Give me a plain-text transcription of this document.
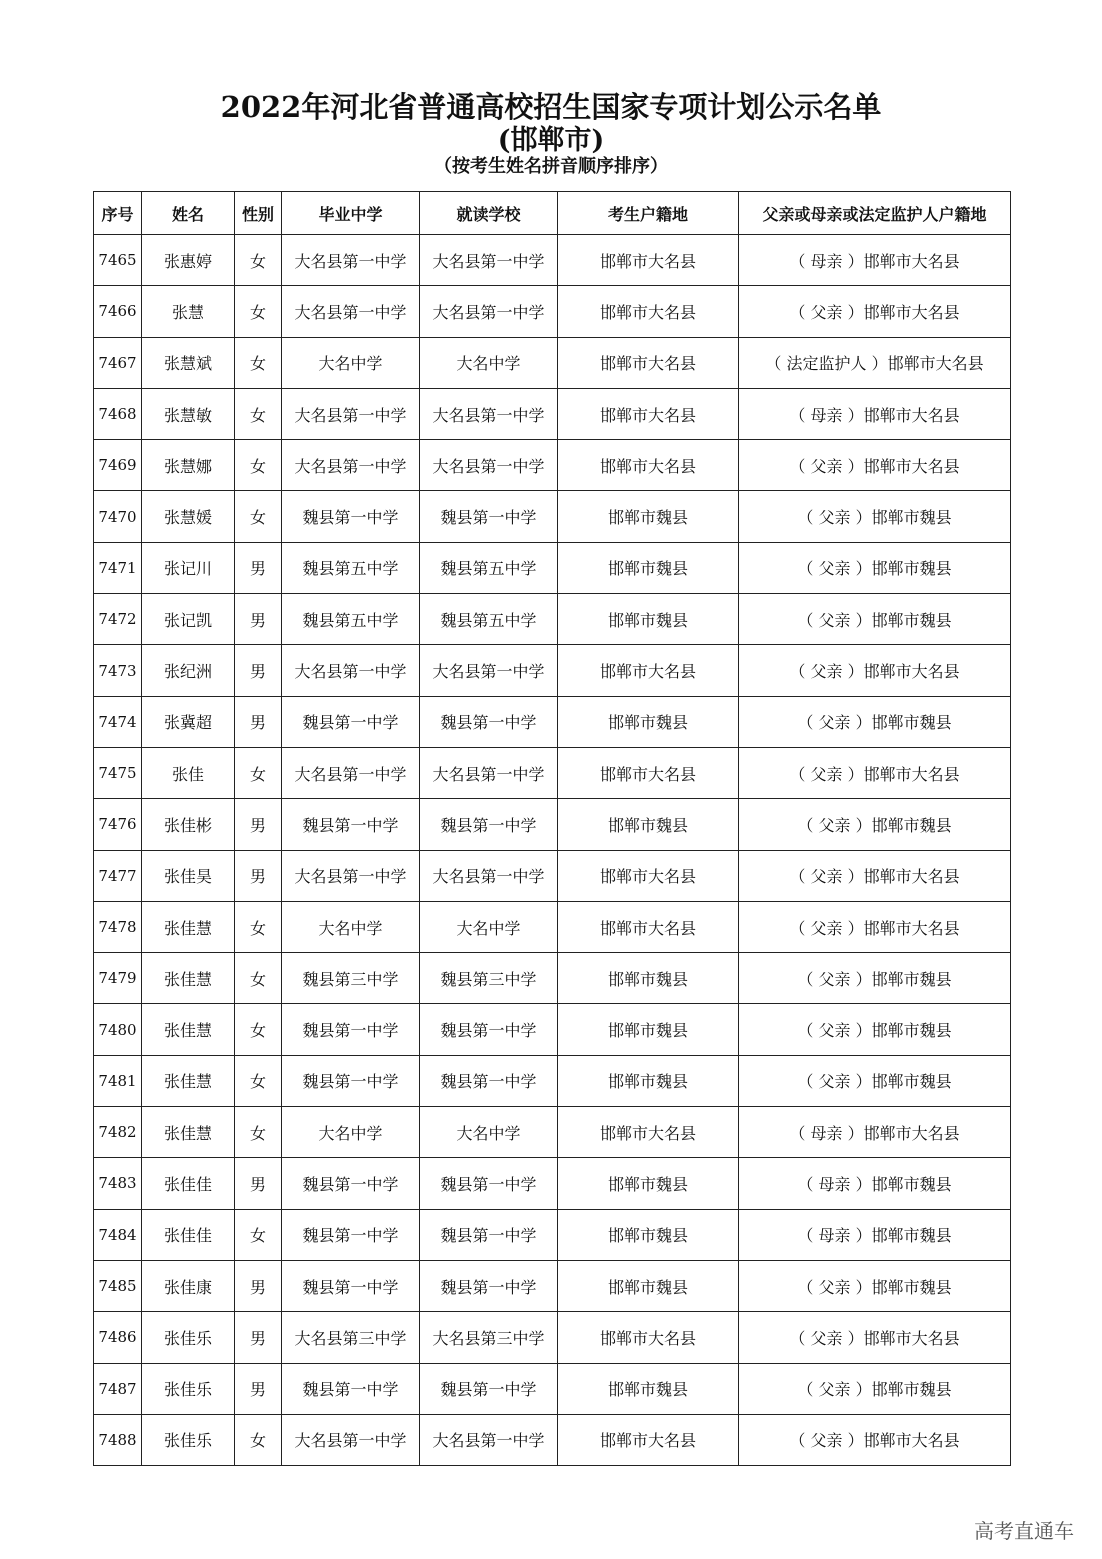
2022年河北省普通高校招生国家专项计划公示名单
(邯郸市)
（按考生姓名拼音顺序排序）
序号	姓名	性别	毕业中学	就读学校	考生户籍地	父亲或母亲或法定监护人户籍地
7465	张惠婷	女	大名县第一中学	大名县第一中学	邯郸市大名县	（ 母亲 ）邯郸市大名县
7466	张慧	女	大名县第一中学	大名县第一中学	邯郸市大名县	（ 父亲 ）邯郸市大名县
7467	张慧斌	女	大名中学	大名中学	邯郸市大名县	（ 法定监护人 ）邯郸市大名县
7468	张慧敏	女	大名县第一中学	大名县第一中学	邯郸市大名县	（ 母亲 ）邯郸市大名县
7469	张慧娜	女	大名县第一中学	大名县第一中学	邯郸市大名县	（ 父亲 ）邯郸市大名县
7470	张慧媛	女	魏县第一中学	魏县第一中学	邯郸市魏县	（ 父亲 ）邯郸市魏县
7471	张记川	男	魏县第五中学	魏县第五中学	邯郸市魏县	（ 父亲 ）邯郸市魏县
7472	张记凯	男	魏县第五中学	魏县第五中学	邯郸市魏县	（ 父亲 ）邯郸市魏县
7473	张纪洲	男	大名县第一中学	大名县第一中学	邯郸市大名县	（ 父亲 ）邯郸市大名县
7474	张冀超	男	魏县第一中学	魏县第一中学	邯郸市魏县	（ 父亲 ）邯郸市魏县
7475	张佳	女	大名县第一中学	大名县第一中学	邯郸市大名县	（ 父亲 ）邯郸市大名县
7476	张佳彬	男	魏县第一中学	魏县第一中学	邯郸市魏县	（ 父亲 ）邯郸市魏县
7477	张佳昊	男	大名县第一中学	大名县第一中学	邯郸市大名县	（ 父亲 ）邯郸市大名县
7478	张佳慧	女	大名中学	大名中学	邯郸市大名县	（ 父亲 ）邯郸市大名县
7479	张佳慧	女	魏县第三中学	魏县第三中学	邯郸市魏县	（ 父亲 ）邯郸市魏县
7480	张佳慧	女	魏县第一中学	魏县第一中学	邯郸市魏县	（ 父亲 ）邯郸市魏县
7481	张佳慧	女	魏县第一中学	魏县第一中学	邯郸市魏县	（ 父亲 ）邯郸市魏县
7482	张佳慧	女	大名中学	大名中学	邯郸市大名县	（ 母亲 ）邯郸市大名县
7483	张佳佳	男	魏县第一中学	魏县第一中学	邯郸市魏县	（ 母亲 ）邯郸市魏县
7484	张佳佳	女	魏县第一中学	魏县第一中学	邯郸市魏县	（ 母亲 ）邯郸市魏县
7485	张佳康	男	魏县第一中学	魏县第一中学	邯郸市魏县	（ 父亲 ）邯郸市魏县
7486	张佳乐	男	大名县第三中学	大名县第三中学	邯郸市大名县	（ 父亲 ）邯郸市大名县
7487	张佳乐	男	魏县第一中学	魏县第一中学	邯郸市魏县	（ 父亲 ）邯郸市魏县
7488	张佳乐	女	大名县第一中学	大名县第一中学	邯郸市大名县	（ 父亲 ）邯郸市大名县
高考直通车
